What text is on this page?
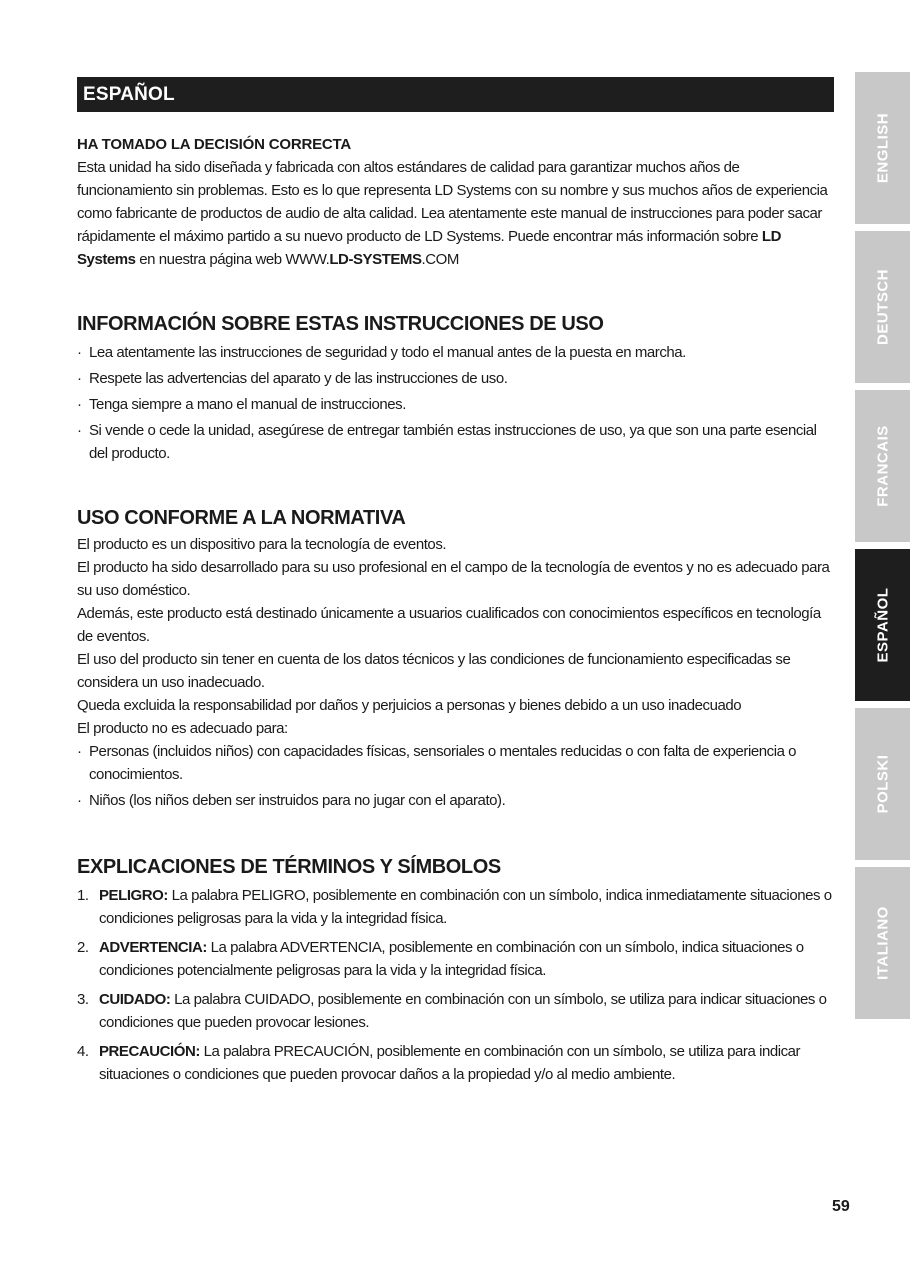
ESPAÑOL
HA TOMADO LA DECISIÓN CORRECTA

Esta unidad ha sido diseñada y fabricada con altos estándares de calidad para garantizar muchos años de funcionamiento sin problemas. Esto es lo que representa LD Systems con su nombre y sus muchos años de experiencia como fabricante de productos de audio de alta calidad. Lea atentamente este manual de instrucciones para poder sacar rápidamente el máximo partido a su nuevo producto de LD Systems. Puede encontrar más información sobre LD Systems en nuestra página web WWW.LD-SYSTEMS.COM

INFORMACIÓN SOBRE ESTAS INSTRUCCIONES DE USO
· Lea atentamente las instrucciones de seguridad y todo el manual antes de la puesta en marcha.
· Respete las advertencias del aparato y de las instrucciones de uso.
· Tenga siempre a mano el manual de instrucciones.
· Si vende o cede la unidad, asegúrese de entregar también estas instrucciones de uso, ya que son una parte esencial del producto.
USO CONFORME A LA NORMATIVA

El producto es un dispositivo para la tecnología de eventos.

El producto ha sido desarrollado para su uso profesional en el campo de la tecnología de eventos y no es adecuado para su uso doméstico.

Además, este producto está destinado únicamente a usuarios cualificados con conocimientos específicos en tecnología de eventos.

El uso del producto sin tener en cuenta de los datos técnicos y las condiciones de funcionamiento especificadas se considera un uso inadecuado.

Queda excluida la responsabilidad por daños y perjuicios a personas y bienes debido a un uso inadecuado

El producto no es adecuado para:

· Personas (incluidos niños) con capacidades físicas, sensoriales o mentales reducidas o con falta de experiencia o conocimientos.
· Niños (los niños deben ser instruidos para no jugar con el aparato).
EXPLICACIONES DE TÉRMINOS Y SÍMBOLOS
1. PELIGRO: La palabra PELIGRO, posiblemente en combinación con un símbolo, indica inmediatamente situaciones o condiciones peligrosas para la vida y la integridad física.
2. ADVERTENCIA: La palabra ADVERTENCIA, posiblemente en combinación con un símbolo, indica situaciones o condiciones potencialmente peligrosas para la vida y la integridad física.
3. CUIDADO: La palabra CUIDADO, posiblemente en combinación con un símbolo, se utiliza para indicar situaciones o condiciones que pueden provocar lesiones.
4. PRECAUCIÓN: La palabra PRECAUCIÓN, posiblemente en combinación con un símbolo, se utiliza para indicar situaciones o condiciones que pueden provocar daños a la propiedad y/o al medio ambiente.
ENGLISH
DEUTSCH
FRANCAIS
ESPAÑOL
POLSKI
ITALIANO
59
